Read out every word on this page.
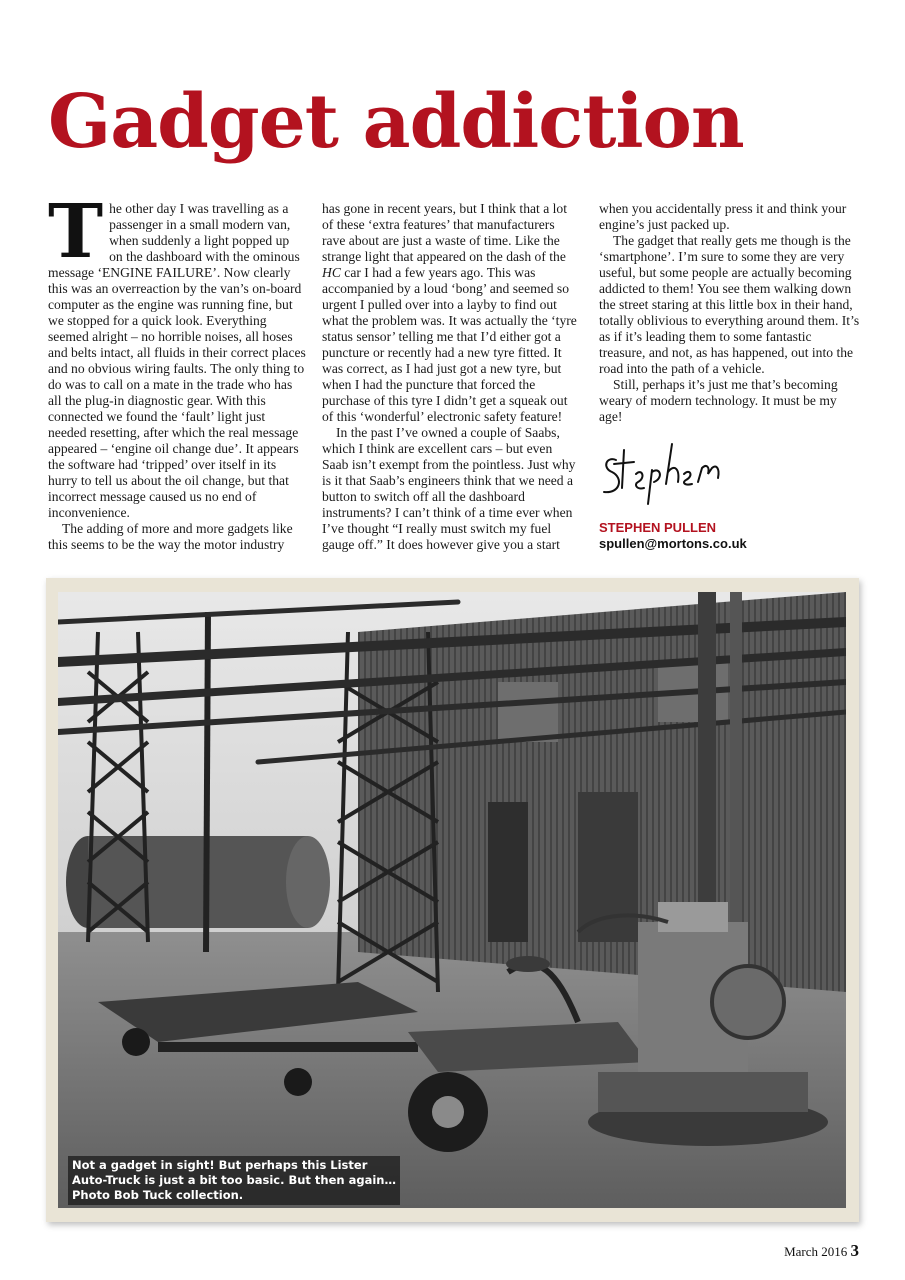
Gadget addiction

The other day I was travelling as a passenger in a small modern van, when suddenly a light popped up on the dashboard with the ominous message ‘ENGINE FAILURE’. Now clearly this was an overreaction by the van’s on-board computer as the engine was running fine, but we stopped for a quick look. Everything seemed alright – no horrible noises, all hoses and belts intact, all fluids in their correct places and no obvious wiring faults. The only thing to do was to call on a mate in the trade who has all the plug-in diagnostic gear. With this connected we found the ‘fault’ light just needed resetting, after which the real message appeared – ‘engine oil change due’. It appears the software had ‘tripped’ over itself in its hurry to tell us about the oil change, but that incorrect message caused us no end of inconvenience.

The adding of more and more gadgets like this seems to be the way the motor industry

has gone in recent years, but I think that a lot of these ‘extra features’ that manufacturers rave about are just a waste of time. Like the strange light that appeared on the dash of the HC car I had a few years ago. This was accompanied by a loud ‘bong’ and seemed so urgent I pulled over into a layby to find out what the problem was. It was actually the ‘tyre status sensor’ telling me that I’d either got a puncture or recently had a new tyre fitted. It was correct, as I had just got a new tyre, but when I had the puncture that forced the purchase of this tyre I didn’t get a squeak out of this ‘wonderful’ electronic safety feature!

In the past I’ve owned a couple of Saabs, which I think are excellent cars – but even Saab isn’t exempt from the pointless. Just why is it that Saab’s engineers think that we need a button to switch off all the dashboard instruments? I can’t think of a time ever when I’ve thought “I really must switch my fuel gauge off.” It does however give you a start

when you accidentally press it and think your engine’s just packed up.

The gadget that really gets me though is the ‘smartphone’. I’m sure to some they are very useful, but some people are actually becoming addicted to them! You see them walking down the street staring at this little box in their hand, totally oblivious to everything around them. It’s as if it’s leading them to some fantastic treasure, and not, as has happened, out into the road into the path of a vehicle.

Still, perhaps it’s just me that’s becoming weary of modern technology. It must be my age!

STEPHEN PULLEN
spullen@mortons.co.uk
Not a gadget in sight! But perhaps this Lister
Auto-Truck is just a bit too basic. But then again…
Photo Bob Tuck collection.
March 2016 3
